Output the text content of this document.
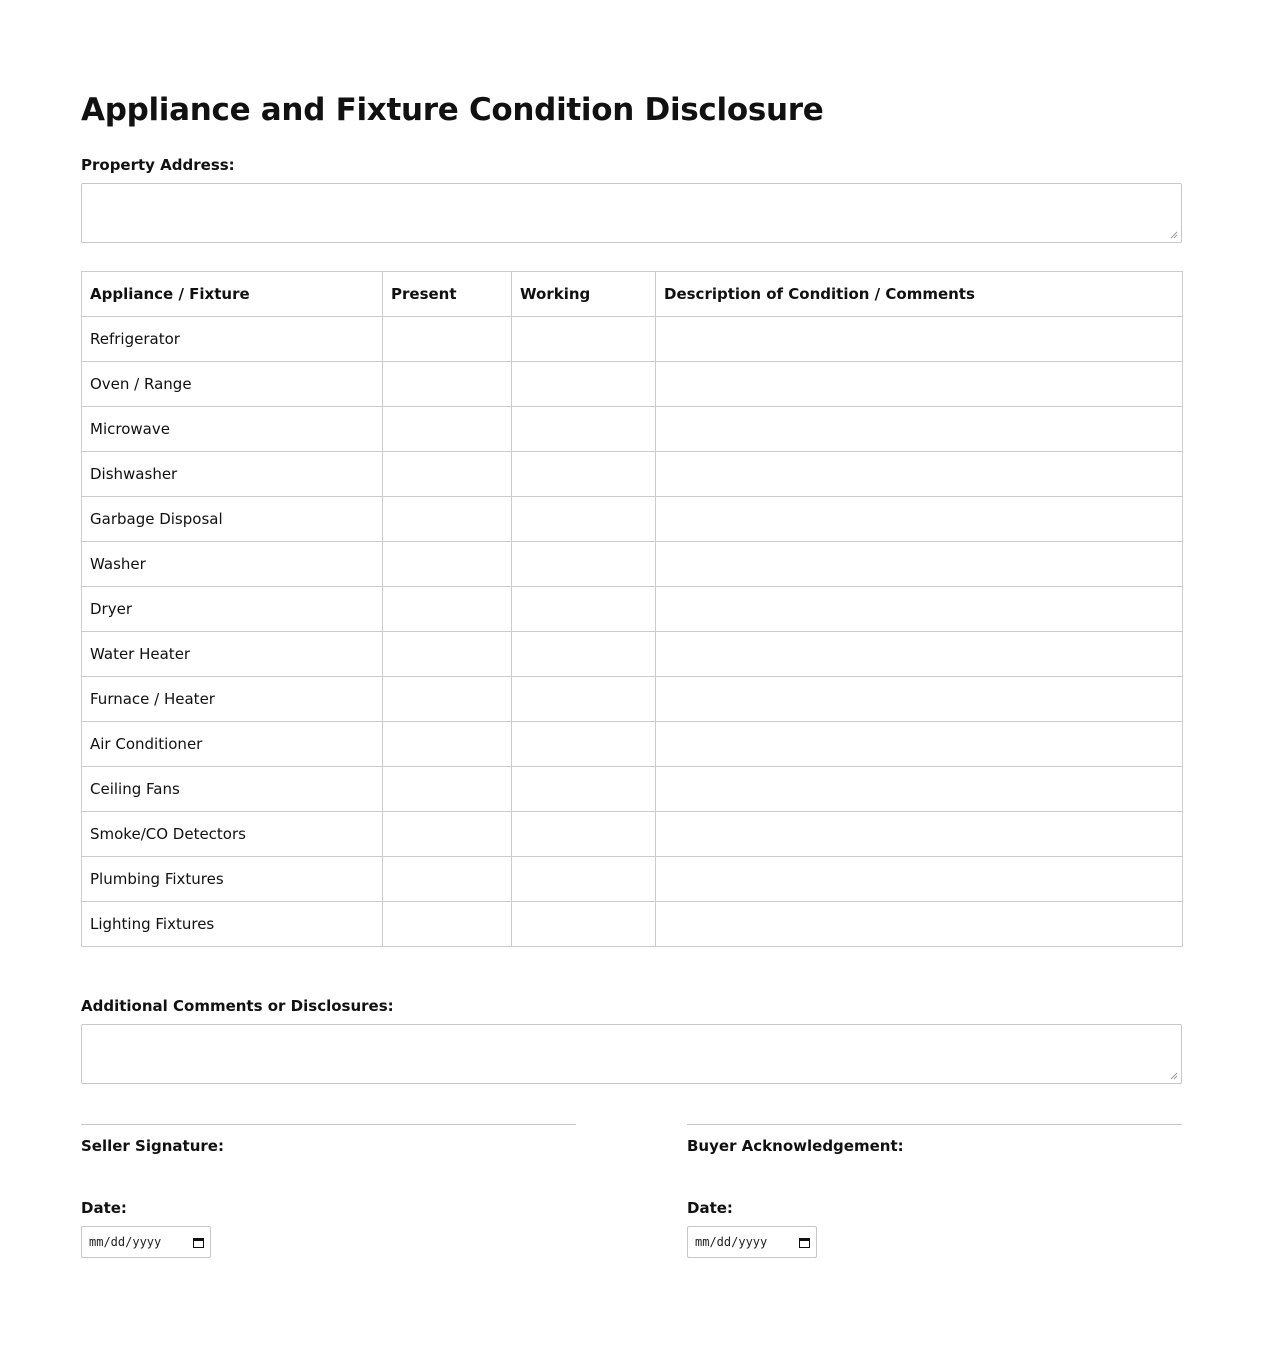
Appliance and Fixture Condition Disclosure
Property Address:
Appliance / Fixture	Present	Working	Description of Condition / Comments
Refrigerator			
Oven / Range			
Microwave			
Dishwasher			
Garbage Disposal			
Washer			
Dryer			
Water Heater			
Furnace / Heater			
Air Conditioner			
Ceiling Fans			
Smoke/CO Detectors			
Plumbing Fixtures			
Lighting Fixtures			
Additional Comments or Disclosures:
Seller Signature:
Date:
mm/dd/yyyy
Buyer Acknowledgement:
Date:
mm/dd/yyyy
